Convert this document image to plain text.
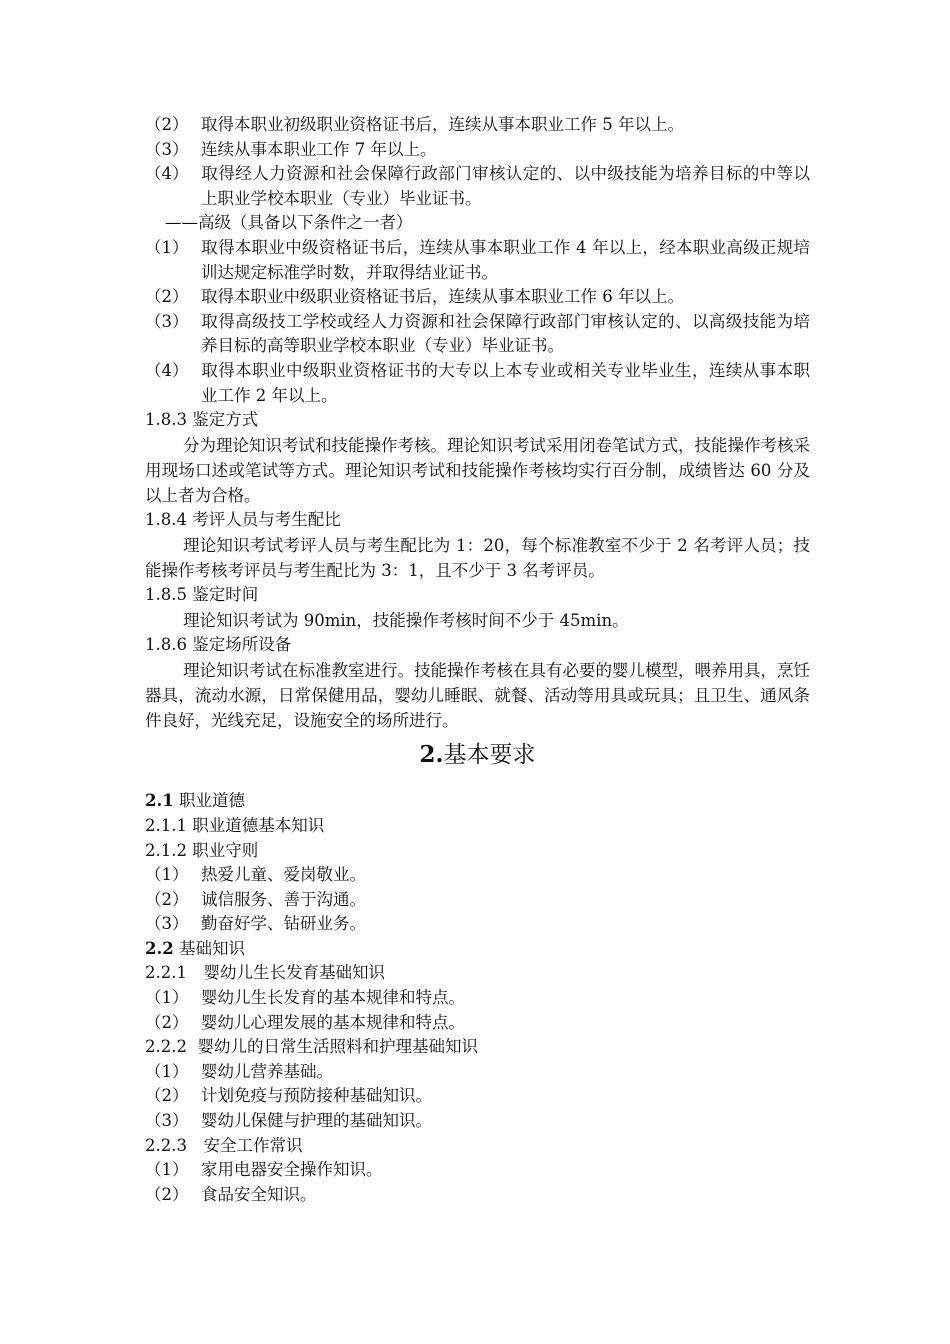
（2） 取得本职业初级职业资格证书后，连续从事本职业工作 5 年以上。
（3） 连续从事本职业工作 7 年以上。
（4） 取得经人力资源和社会保障行政部门审核认定的、以中级技能为培养目标的中等以上职业学校本职业（专业）毕业证书。
——高级（具备以下条件之一者）
（1） 取得本职业中级资格证书后，连续从事本职业工作 4 年以上，经本职业高级正规培训达规定标准学时数，并取得结业证书。
（2） 取得本职业中级职业资格证书后，连续从事本职业工作 6 年以上。
（3） 取得高级技工学校或经人力资源和社会保障行政部门审核认定的、以高级技能为培养目标的高等职业学校本职业（专业）毕业证书。
（4） 取得本职业中级职业资格证书的大专以上本专业或相关专业毕业生，连续从事本职业工作 2 年以上。
1.8.3 鉴定方式
分为理论知识考试和技能操作考核。理论知识考试采用闭卷笔试方式，技能操作考核采用现场口述或笔试等方式。理论知识考试和技能操作考核均实行百分制，成绩皆达 60 分及以上者为合格。
1.8.4 考评人员与考生配比
理论知识考试考评人员与考生配比为 1：20，每个标准教室不少于 2 名考评人员；技能操作考核考评员与考生配比为 3：1，且不少于 3 名考评员。
1.8.5 鉴定时间
理论知识考试为 90min，技能操作考核时间不少于 45min。
1.8.6 鉴定场所设备
理论知识考试在标准教室进行。技能操作考核在具有必要的婴儿模型，喂养用具，烹饪器具，流动水源，日常保健用品，婴幼儿睡眠、就餐、活动等用具或玩具；且卫生、通风条件良好，光线充足，设施安全的场所进行。
2.基本要求
2.1 职业道德
2.1.1 职业道德基本知识
2.1.2 职业守则
（1） 热爱儿童、爱岗敬业。
（2） 诚信服务、善于沟通。
（3） 勤奋好学、钻研业务。
2.2 基础知识
2.2.1　婴幼儿生长发育基础知识
（1） 婴幼儿生长发育的基本规律和特点。
（2） 婴幼儿心理发展的基本规律和特点。
2.2.2  婴幼儿的日常生活照料和护理基础知识
（1） 婴幼儿营养基础。
（2） 计划免疫与预防接种基础知识。
（3） 婴幼儿保健与护理的基础知识。
2.2.3　安全工作常识
（1） 家用电器安全操作知识。
（2） 食品安全知识。
